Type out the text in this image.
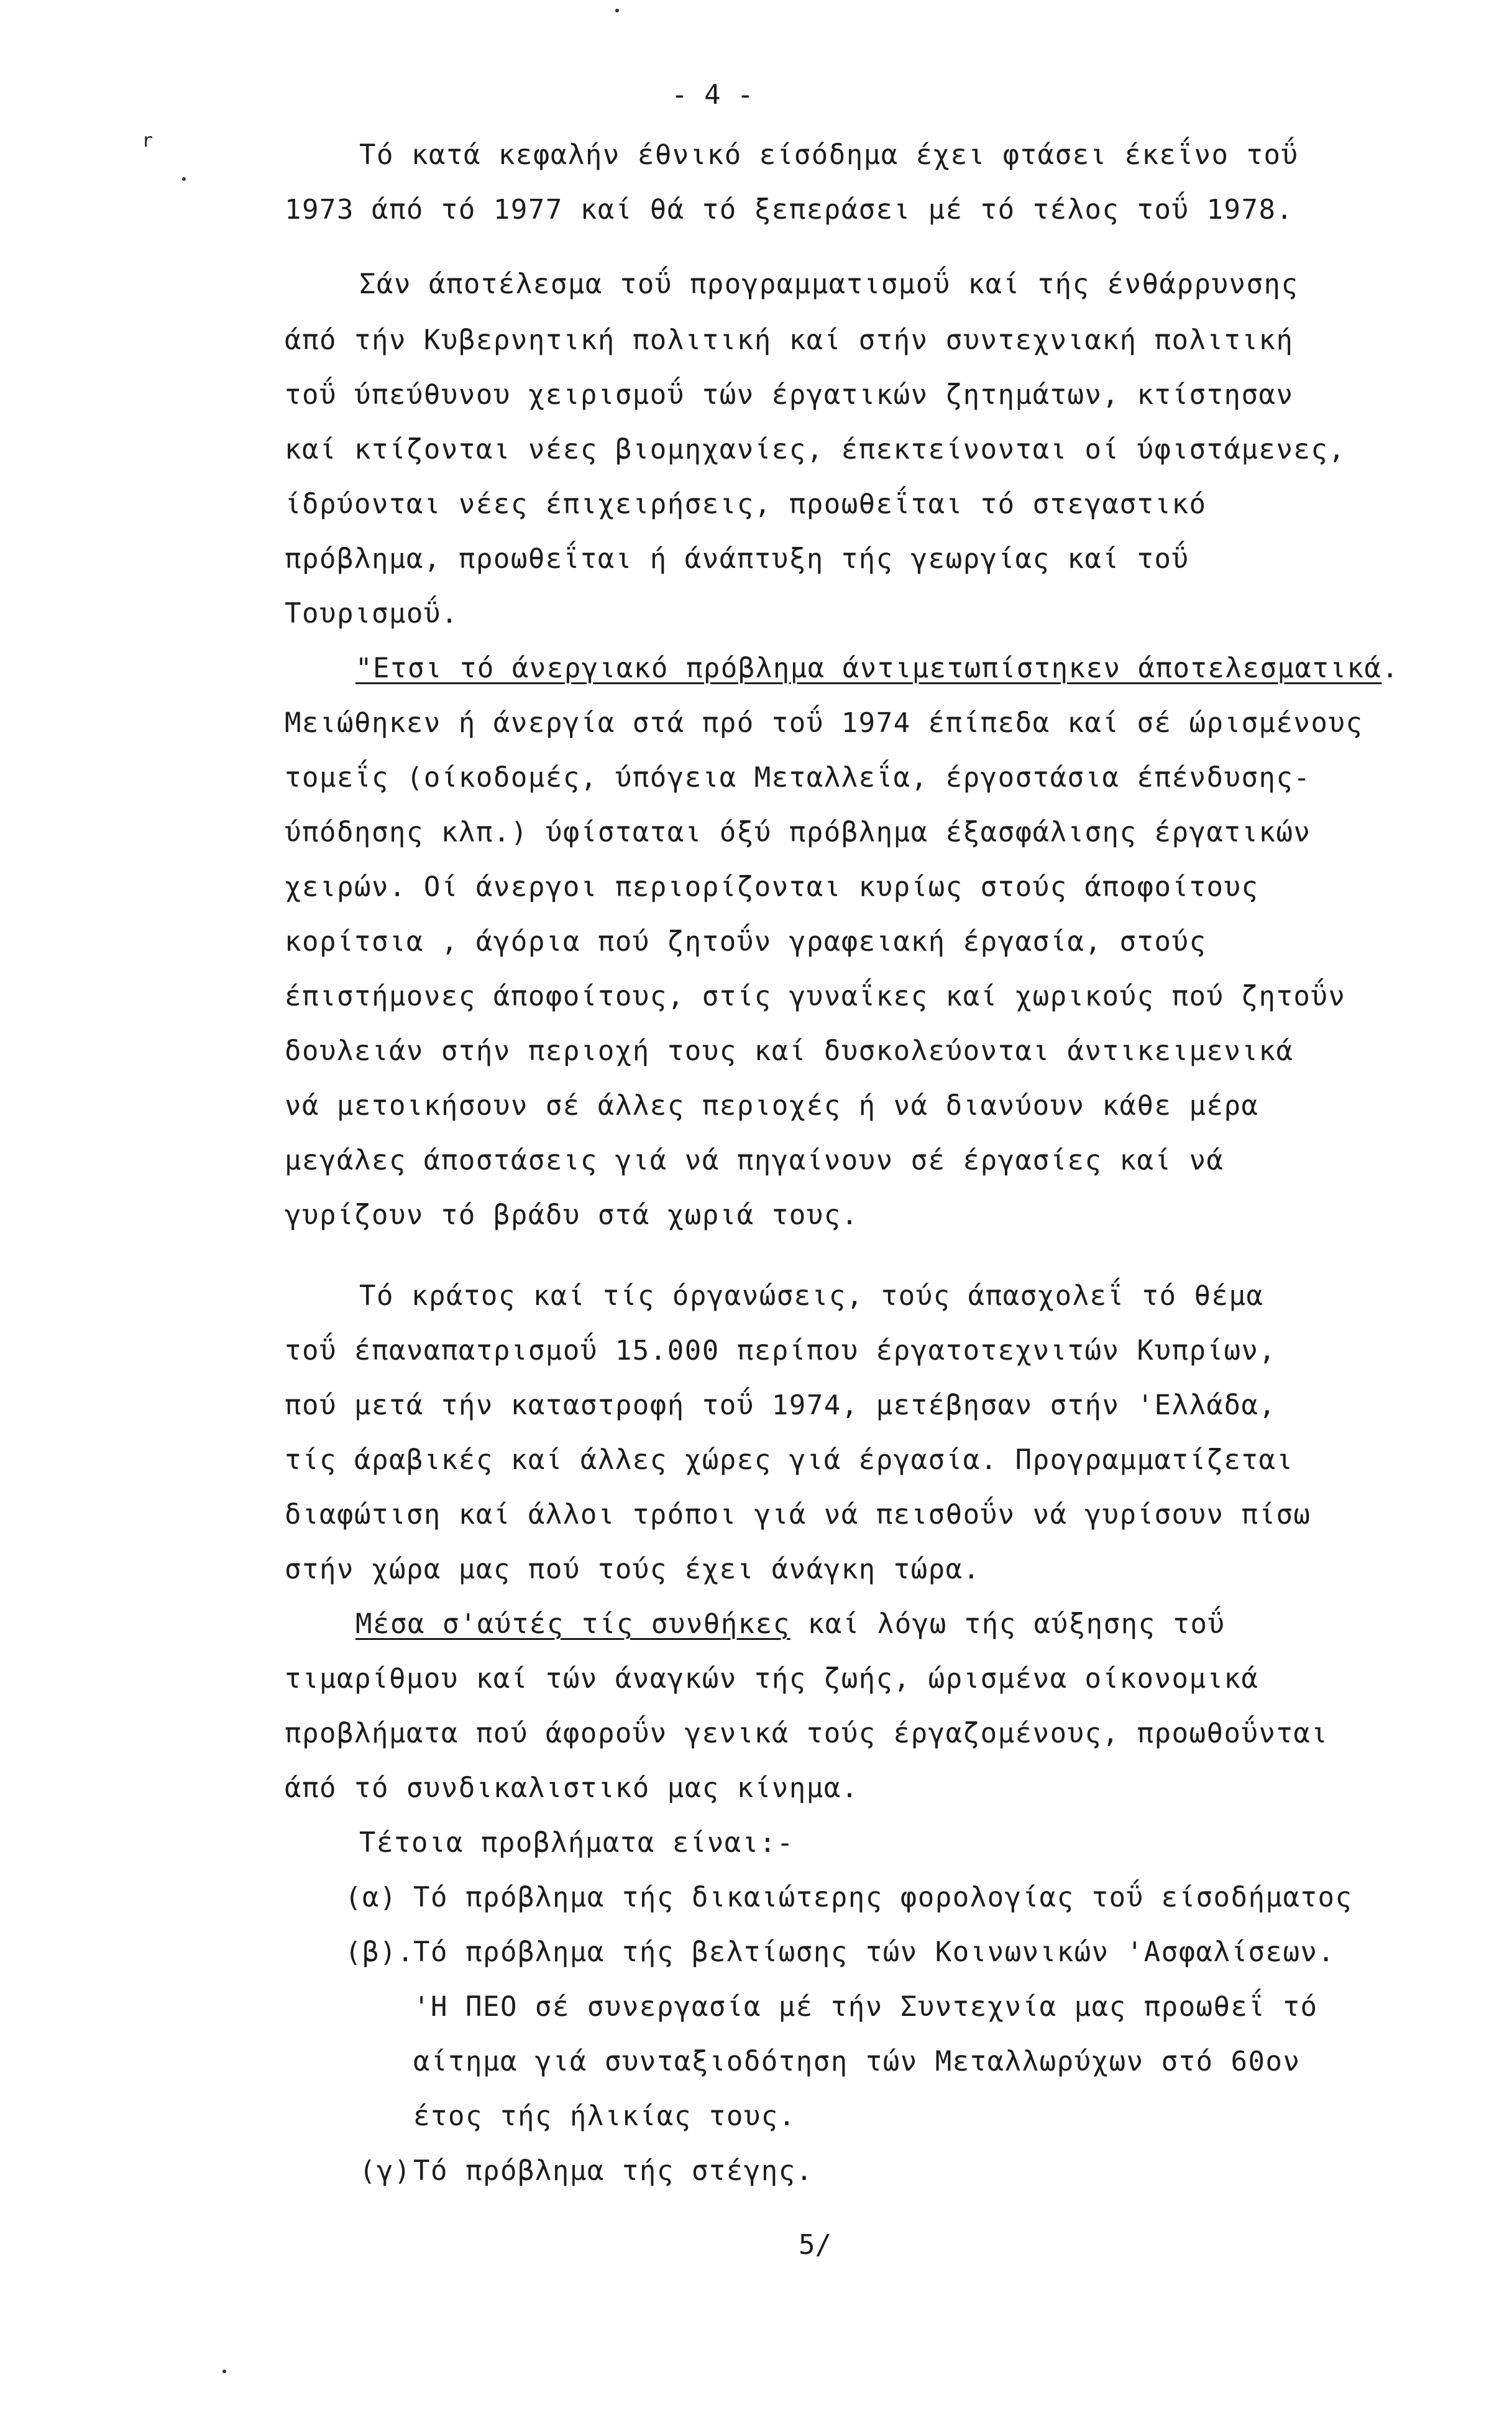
- 4 -
r	Τό κατά κεφαλήν έθνικό είσόδημα έχει φτάσει έκεΐνο τοΰ
1973 άπό τό 1977 καί θά τό ξεπεράσει μέ τό τέλος τοΰ 1978.
Σάν άποτέλεσμα τοΰ προγραμματισμοΰ καί τής ένθάρρυνσης
άπό τήν Κυβερνητική πολιτική καί στήν συντεχνιακή πολιτική
τοΰ ύπεύθυνου χειρισμοΰ τών έργατικών ζητημάτων, κτίστησαν
καί κτίζονται νέες βιομηχανίες, έπεκτείνονται οί ύφιστάμενες,
ίδρύονται νέες έπιχειρήσεις, προωθεΐται τό στεγαστικό
πρόβλημα, προωθεΐται ή άνάπτυξη τής γεωργίας καί τοΰ
Τουρισμοΰ.
"Ετσι τό άνεργιακό πρόβλημα άντιμετωπίστηκεν άποτελεσματικά.
Μειώθηκεν ή άνεργία στά πρό τοΰ 1974 έπίπεδα καί σέ ώρισμένους
τομεΐς (οίκοδομές, ύπόγεια Μεταλλεΐα, έργοστάσια έπένδυσης-
ύπόδησης κλπ.) ύφίσταται όξύ πρόβλημα έξασφάλισης έργατικών
χειρών. Οί άνεργοι περιορίζονται κυρίως στούς άποφοίτους
κορίτσια , άγόρια πού ζητοΰν γραφειακή έργασία, στούς
έπιστήμονες άποφοίτους, στίς γυναΐκες καί χωρικούς πού ζητοΰν
δουλειάν στήν περιοχή τους καί δυσκολεύονται άντικειμενικά
νά μετοικήσουν σέ άλλες περιοχές ή νά διανύουν κάθε μέρα
μεγάλες άποστάσεις γιά νά πηγαίνουν σέ έργασίες καί νά
γυρίζουν τό βράδυ στά χωριά τους.
Τό κράτος καί τίς όργανώσεις, τούς άπασχολεΐ τό θέμα
τοΰ έπαναπατρισμοΰ 15.000 περίπου έργατοτεχνιτών Κυπρίων,
πού μετά τήν καταστροφή τοΰ 1974, μετέβησαν στήν 'Ελλάδα,
τίς άραβικές καί άλλες χώρες γιά έργασία. Προγραμματίζεται
διαφώτιση καί άλλοι τρόποι γιά νά πεισθοΰν νά γυρίσουν πίσω
στήν χώρα μας πού τούς έχει άνάγκη τώρα.
Μέσα σ'αύτές τίς συνθήκες καί λόγω τής αύξησης τοΰ
τιμαρίθμου καί τών άναγκών τής ζωής, ώρισμένα οίκονομικά
προβλήματα πού άφοροΰν γενικά τούς έργαζομένους, προωθοΰνται
άπό τό συνδικαλιστικό μας κίνημα.
Τέτοια προβλήματα είναι:-
(α) Τό πρόβλημα τής δικαιώτερης φορολογίας τοΰ είσοδήματος
(β).
Τό πρόβλημα τής βελτίωσης τών Κοινωνικών 'Ασφαλίσεων.
'Η ΠΕΟ σέ συνεργασία μέ τήν Συντεχνία μας προωθεΐ τό
αίτημα γιά συνταξιοδότηση τών Μεταλλωρύχων στό 60ον
έτος τής ήλικίας τους.
(γ) Τό πρόβλημα τής στέγης.
5/
